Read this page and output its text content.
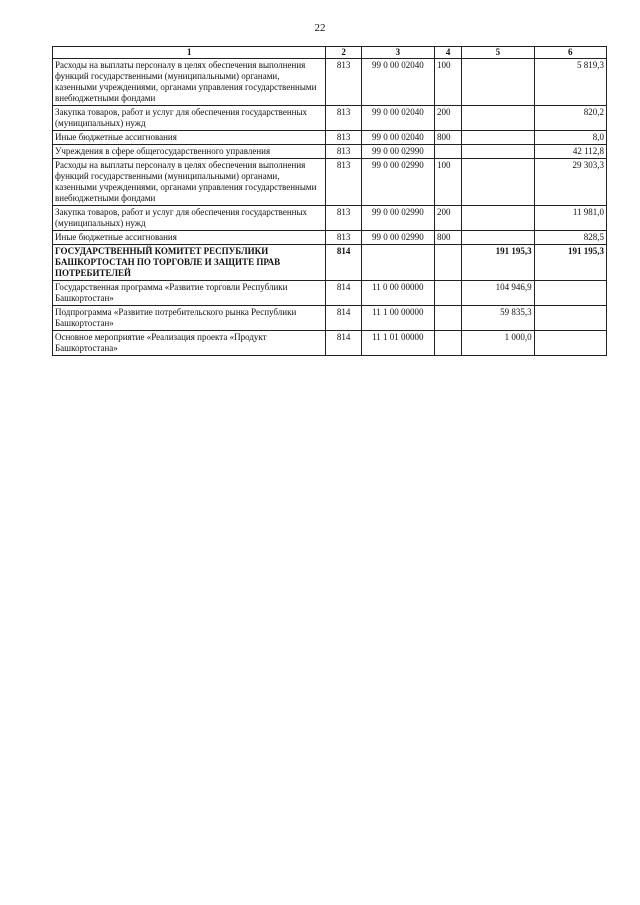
22
1	2	3	4	5	6
Расходы на выплаты персоналу в целях обеспечения выполнения функций государственными (муниципальными) органами, казенными учреждениями, органами управления государственными внебюджетными фондами	813	99 0 00 02040	100		5 819,3
Закупка товаров, работ и услуг для обеспечения государственных (муниципальных) нужд	813	99 0 00 02040	200		820,2
Иные бюджетные ассигнования	813	99 0 00 02040	800		8,0
Учреждения в сфере общегосударственного управления	813	99 0 00 02990			42 112,8
Расходы на выплаты персоналу в целях обеспечения выполнения функций государственными (муниципальными) органами, казенными учреждениями, органами управления государственными внебюджетными фондами	813	99 0 00 02990	100		29 303,3
Закупка товаров, работ и услуг для обеспечения государственных (муниципальных) нужд	813	99 0 00 02990	200		11 981,0
Иные бюджетные ассигнования	813	99 0 00 02990	800		828,5
ГОСУДАРСТВЕННЫЙ КОМИТЕТ РЕСПУБЛИКИ БАШКОРТОСТАН ПО ТОРГОВЛЕ И ЗАЩИТЕ ПРАВ ПОТРЕБИТЕЛЕЙ	814			191 195,3	191 195,3
Государственная программа «Развитие торговли Республики Башкортостан»	814	11 0 00 00000		104 946,9	
Подпрограмма «Развитие потребительского рынка Республики Башкортостан»	814	11 1 00 00000		59 835,3	
Основное мероприятие «Реализация проекта «Продукт Башкортостана»	814	11 1 01 00000		1 000,0	
